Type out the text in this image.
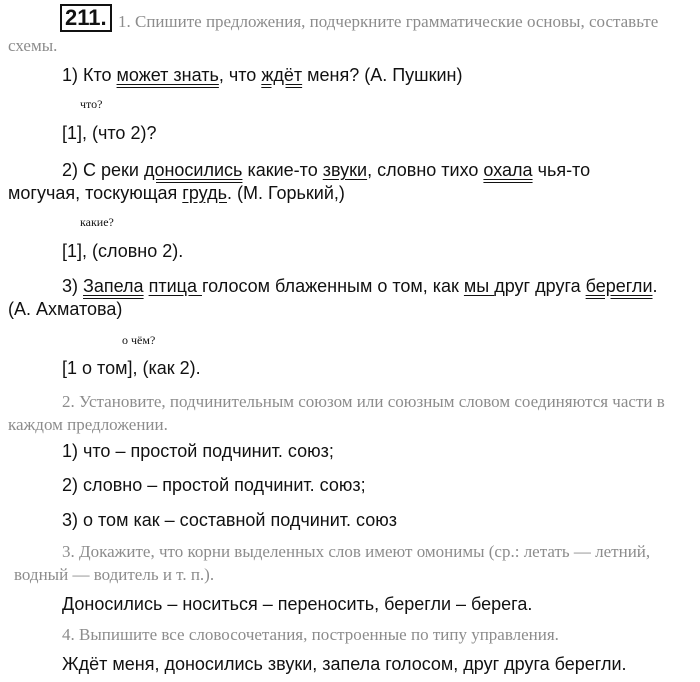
211. 1. Спишите предложения, подчеркните грамматические основы, составьте
схемы.
1) Кто может знать, что ждёт меня? (А. Пушкин)
что?
[1], (что 2)?
2) С реки доносились какие-то звуки, словно тихо охала чья-то
могучая, тоскующая грудь. (М. Горький,)
какие?
[1], (словно 2).
3) Запела птица голосом блаженным о том, как мы друг друга берегли.
(А. Ахматова)
о чём?
[1 о том], (как 2).
2. Установите, подчинительным союзом или союзным словом соединяются части в
каждом предложении.
1) что – простой подчинит. союз;
2) словно – простой подчинит. союз;
3) о том как – составной подчинит. союз
3. Докажите, что корни выделенных слов имеют омонимы (ср.: летать — летний,
водный — водитель и т. п.).
Доносились – носиться – переносить, берегли – берега.
4. Выпишите все словосочетания, построенные по типу управления.
Ждёт меня, доносились звуки, запела голосом, друг друга берегли.
